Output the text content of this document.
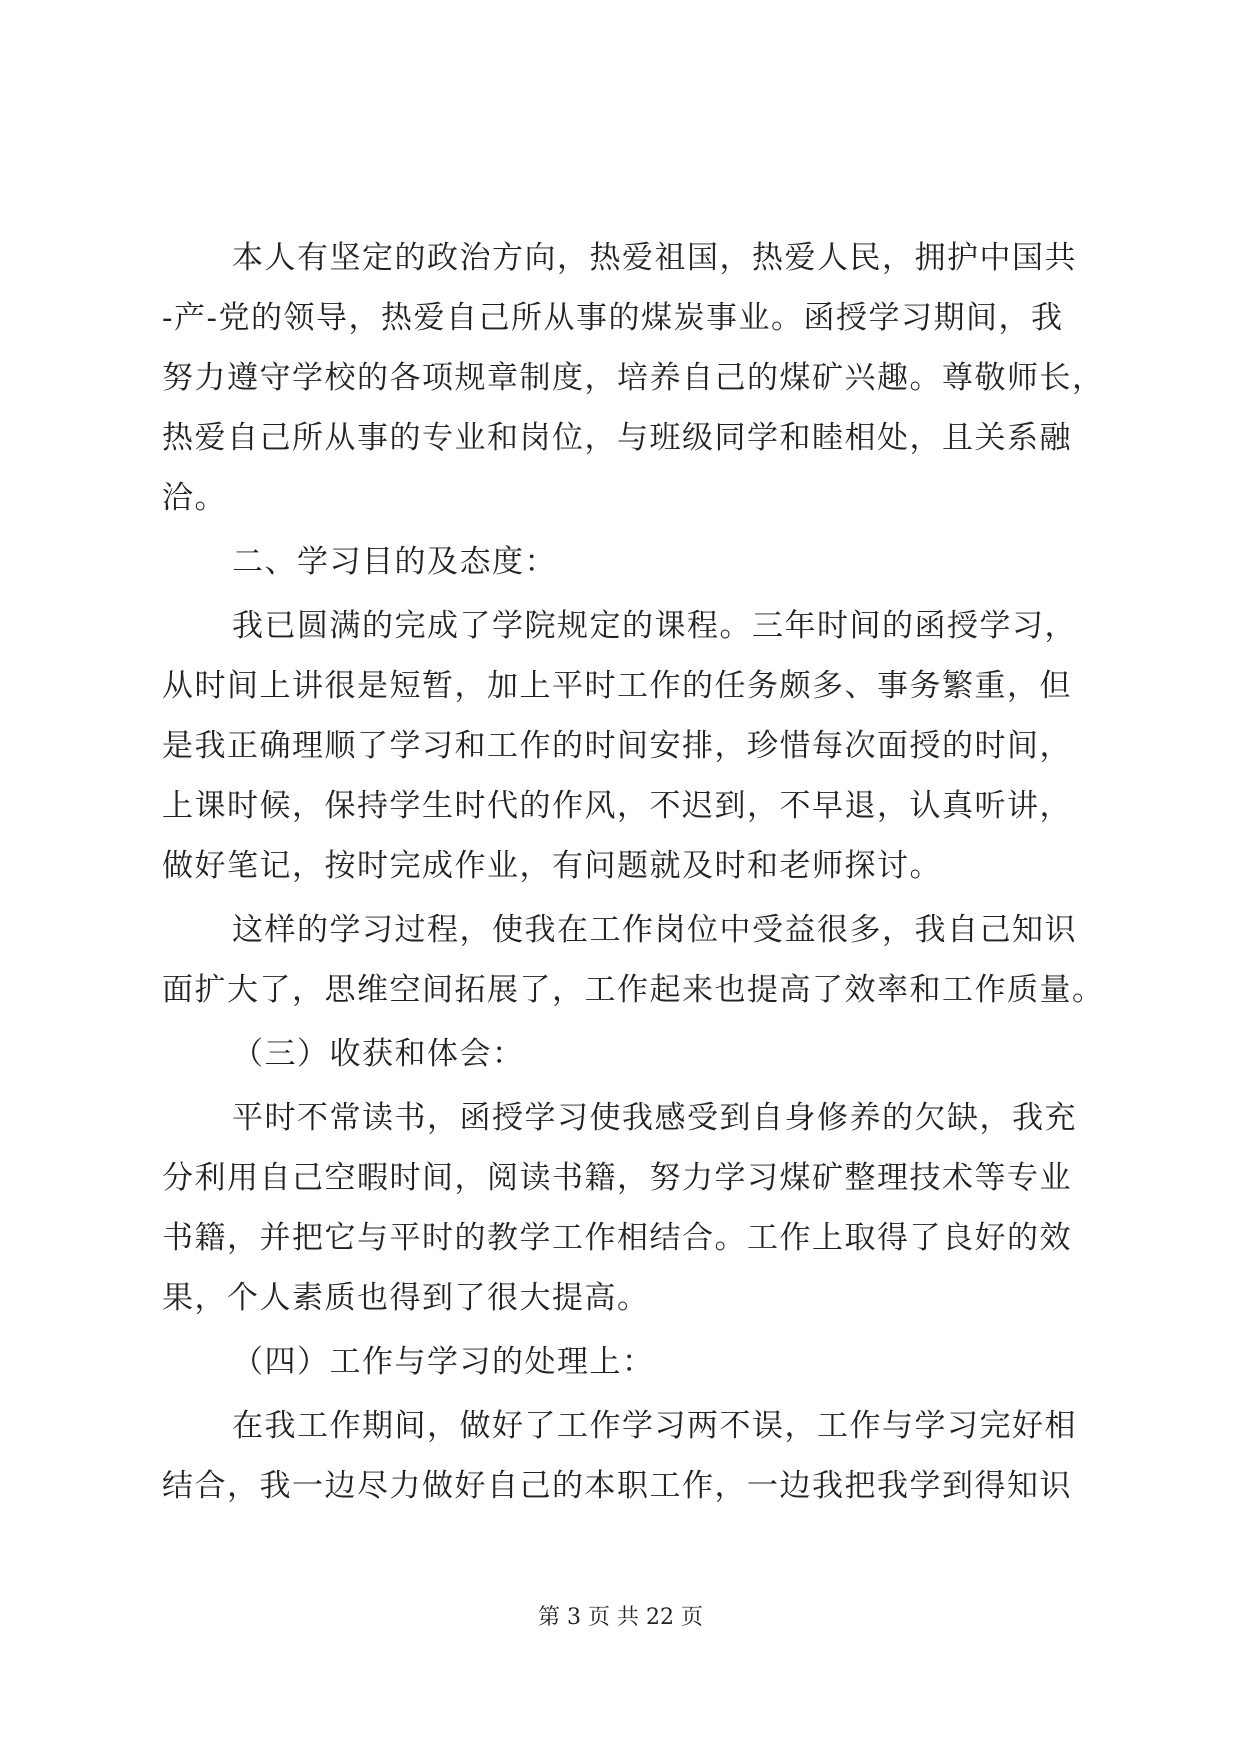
本人有坚定的政治方向，热爱祖国，热爱人民，拥护中国共
-产-党的领导，热爱自己所从事的煤炭事业。函授学习期间，我
努力遵守学校的各项规章制度，培养自己的煤矿兴趣。尊敬师长，
热爱自己所从事的专业和岗位，与班级同学和睦相处，且关系融
洽。
二、学习目的及态度：
我已圆满的完成了学院规定的课程。三年时间的函授学习，
从时间上讲很是短暂，加上平时工作的任务颇多、事务繁重，但
是我正确理顺了学习和工作的时间安排，珍惜每次面授的时间，
上课时候，保持学生时代的作风，不迟到，不早退，认真听讲，
做好笔记，按时完成作业，有问题就及时和老师探讨。
这样的学习过程，使我在工作岗位中受益很多，我自己知识
面扩大了，思维空间拓展了，工作起来也提高了效率和工作质量。
（三）收获和体会：
平时不常读书，函授学习使我感受到自身修养的欠缺，我充
分利用自己空暇时间，阅读书籍，努力学习煤矿整理技术等专业
书籍，并把它与平时的教学工作相结合。工作上取得了良好的效
果，个人素质也得到了很大提高。
（四）工作与学习的处理上：
在我工作期间，做好了工作学习两不误，工作与学习完好相
结合，我一边尽力做好自己的本职工作，一边我把我学到得知识
第 3 页 共 22 页
